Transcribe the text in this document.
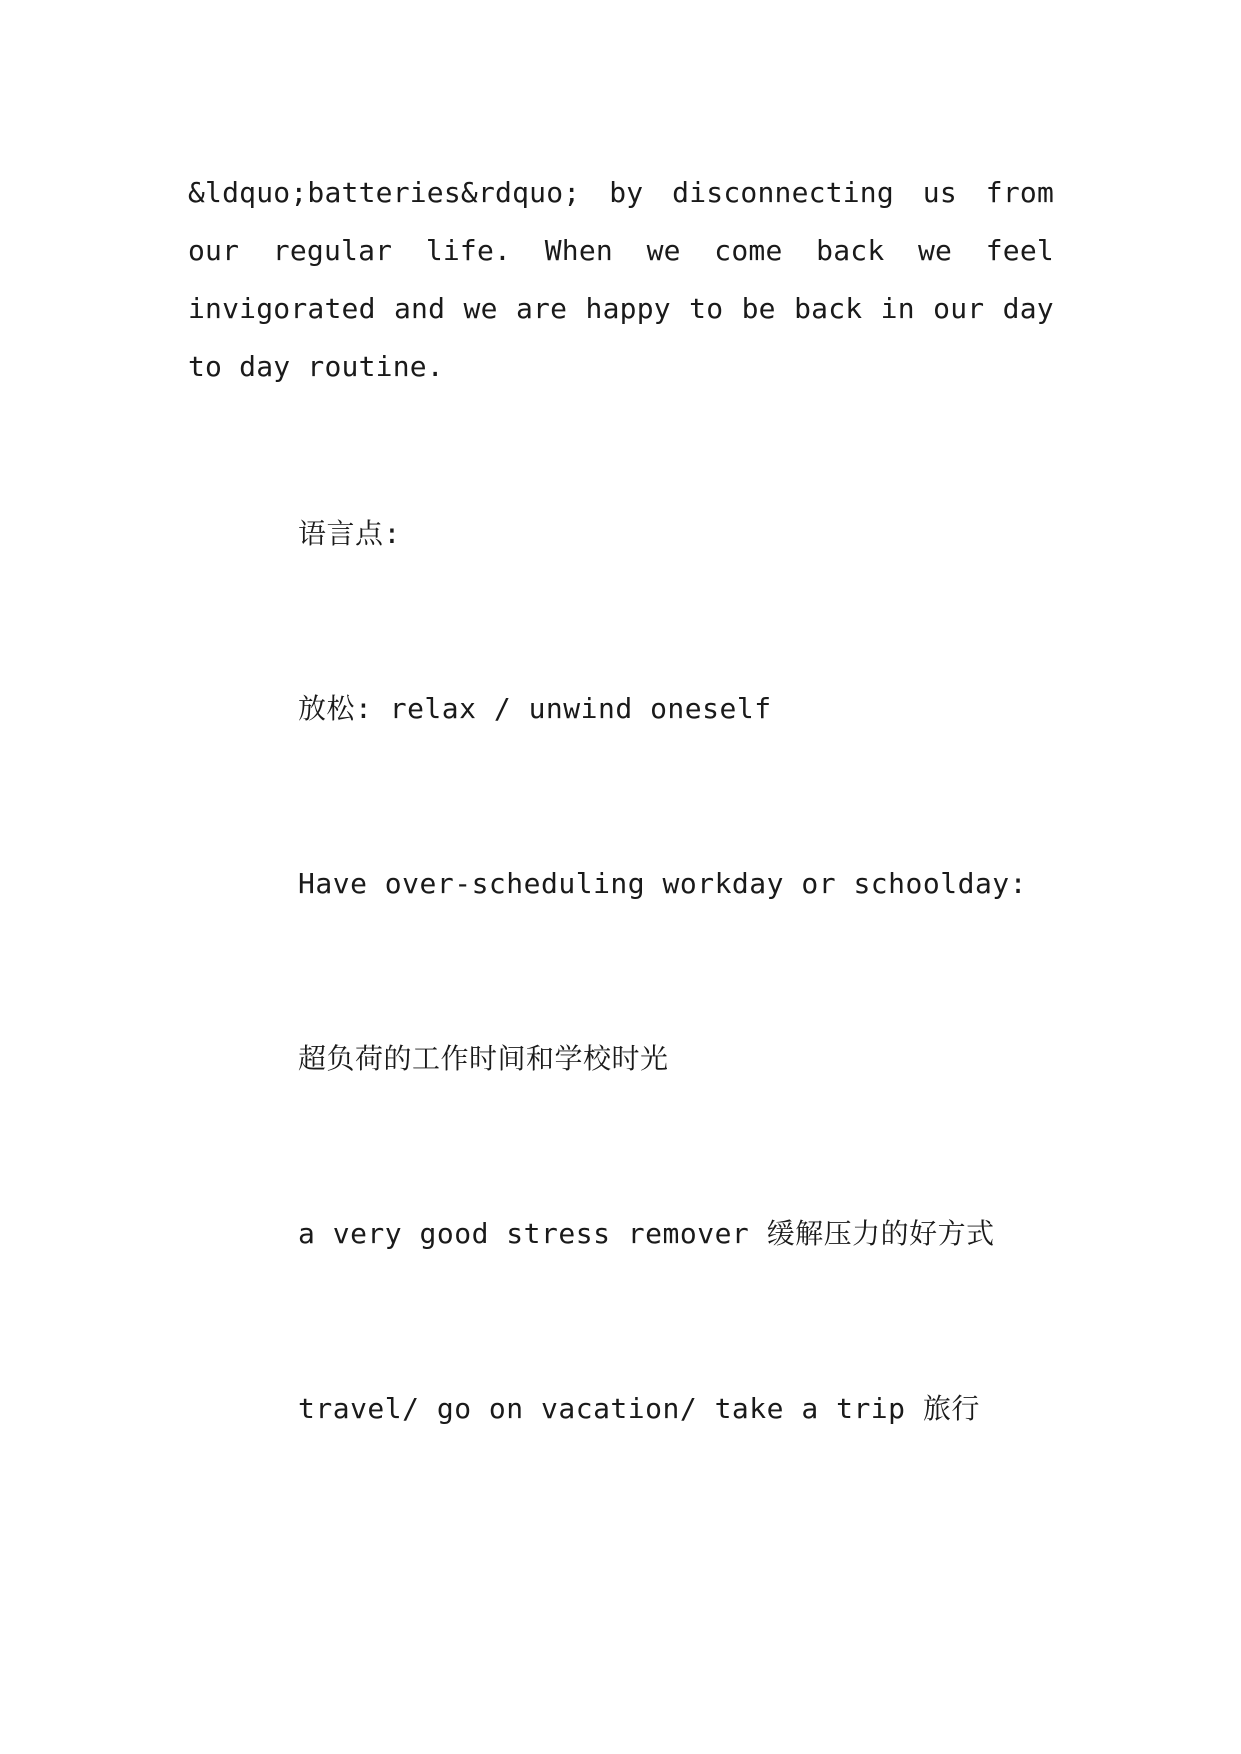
&ldquo;batteries&rdquo; by disconnecting us from
our regular life. When we come back we feel
invigorated and we are happy to be back in our day
to day routine.
语言点:
放松: relax / unwind oneself
Have over-scheduling workday or schoolday:
超负荷的工作时间和学校时光
a very good stress remover 缓解压力的好方式
travel/ go on vacation/ take a trip 旅行
